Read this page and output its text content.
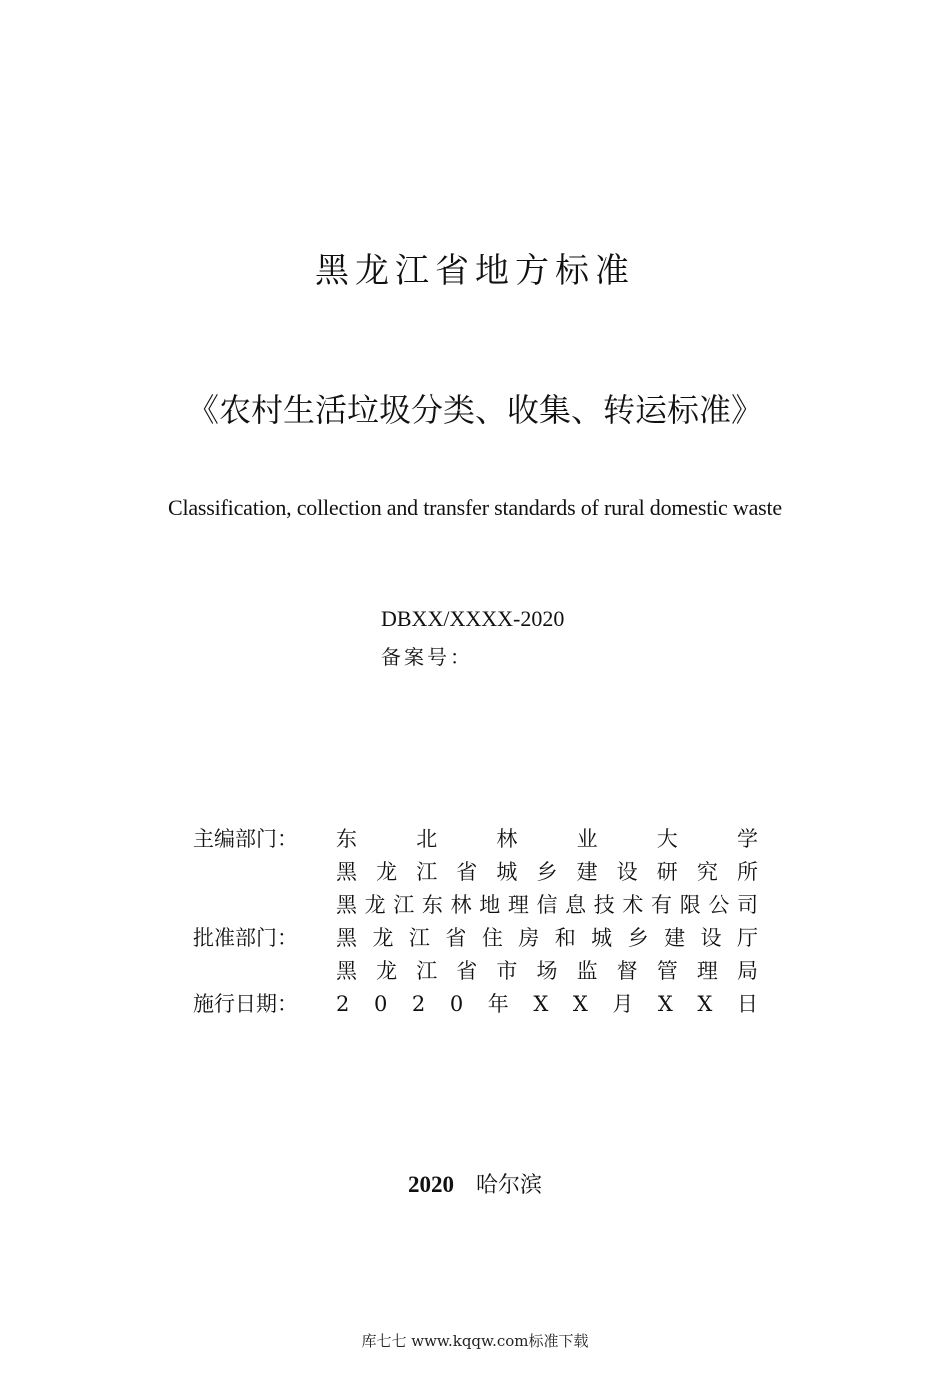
黑龙江省地方标准
《农村生活垃圾分类、收集、转运标准》
Classification, collection and transfer standards of rural domestic waste
DBXX/XXXX-2020
备案号：
主编部门：	东	北	林	业	大	学
黑 龙 江 省 城 乡 建 设 研 究 所
黑 龙 江 东 林 地 理 信 息 技 术 有 限 公 司
批准部门：	黑 龙 江 省 住 房 和 城 乡 建 设 厅
黑 龙 江 省 市 场 监 督 管 理 局
施行日期：	2 0 2 0 年 X X 月 X X 日
2020 哈尔滨
库七七 www.kqqw.com标准下载
